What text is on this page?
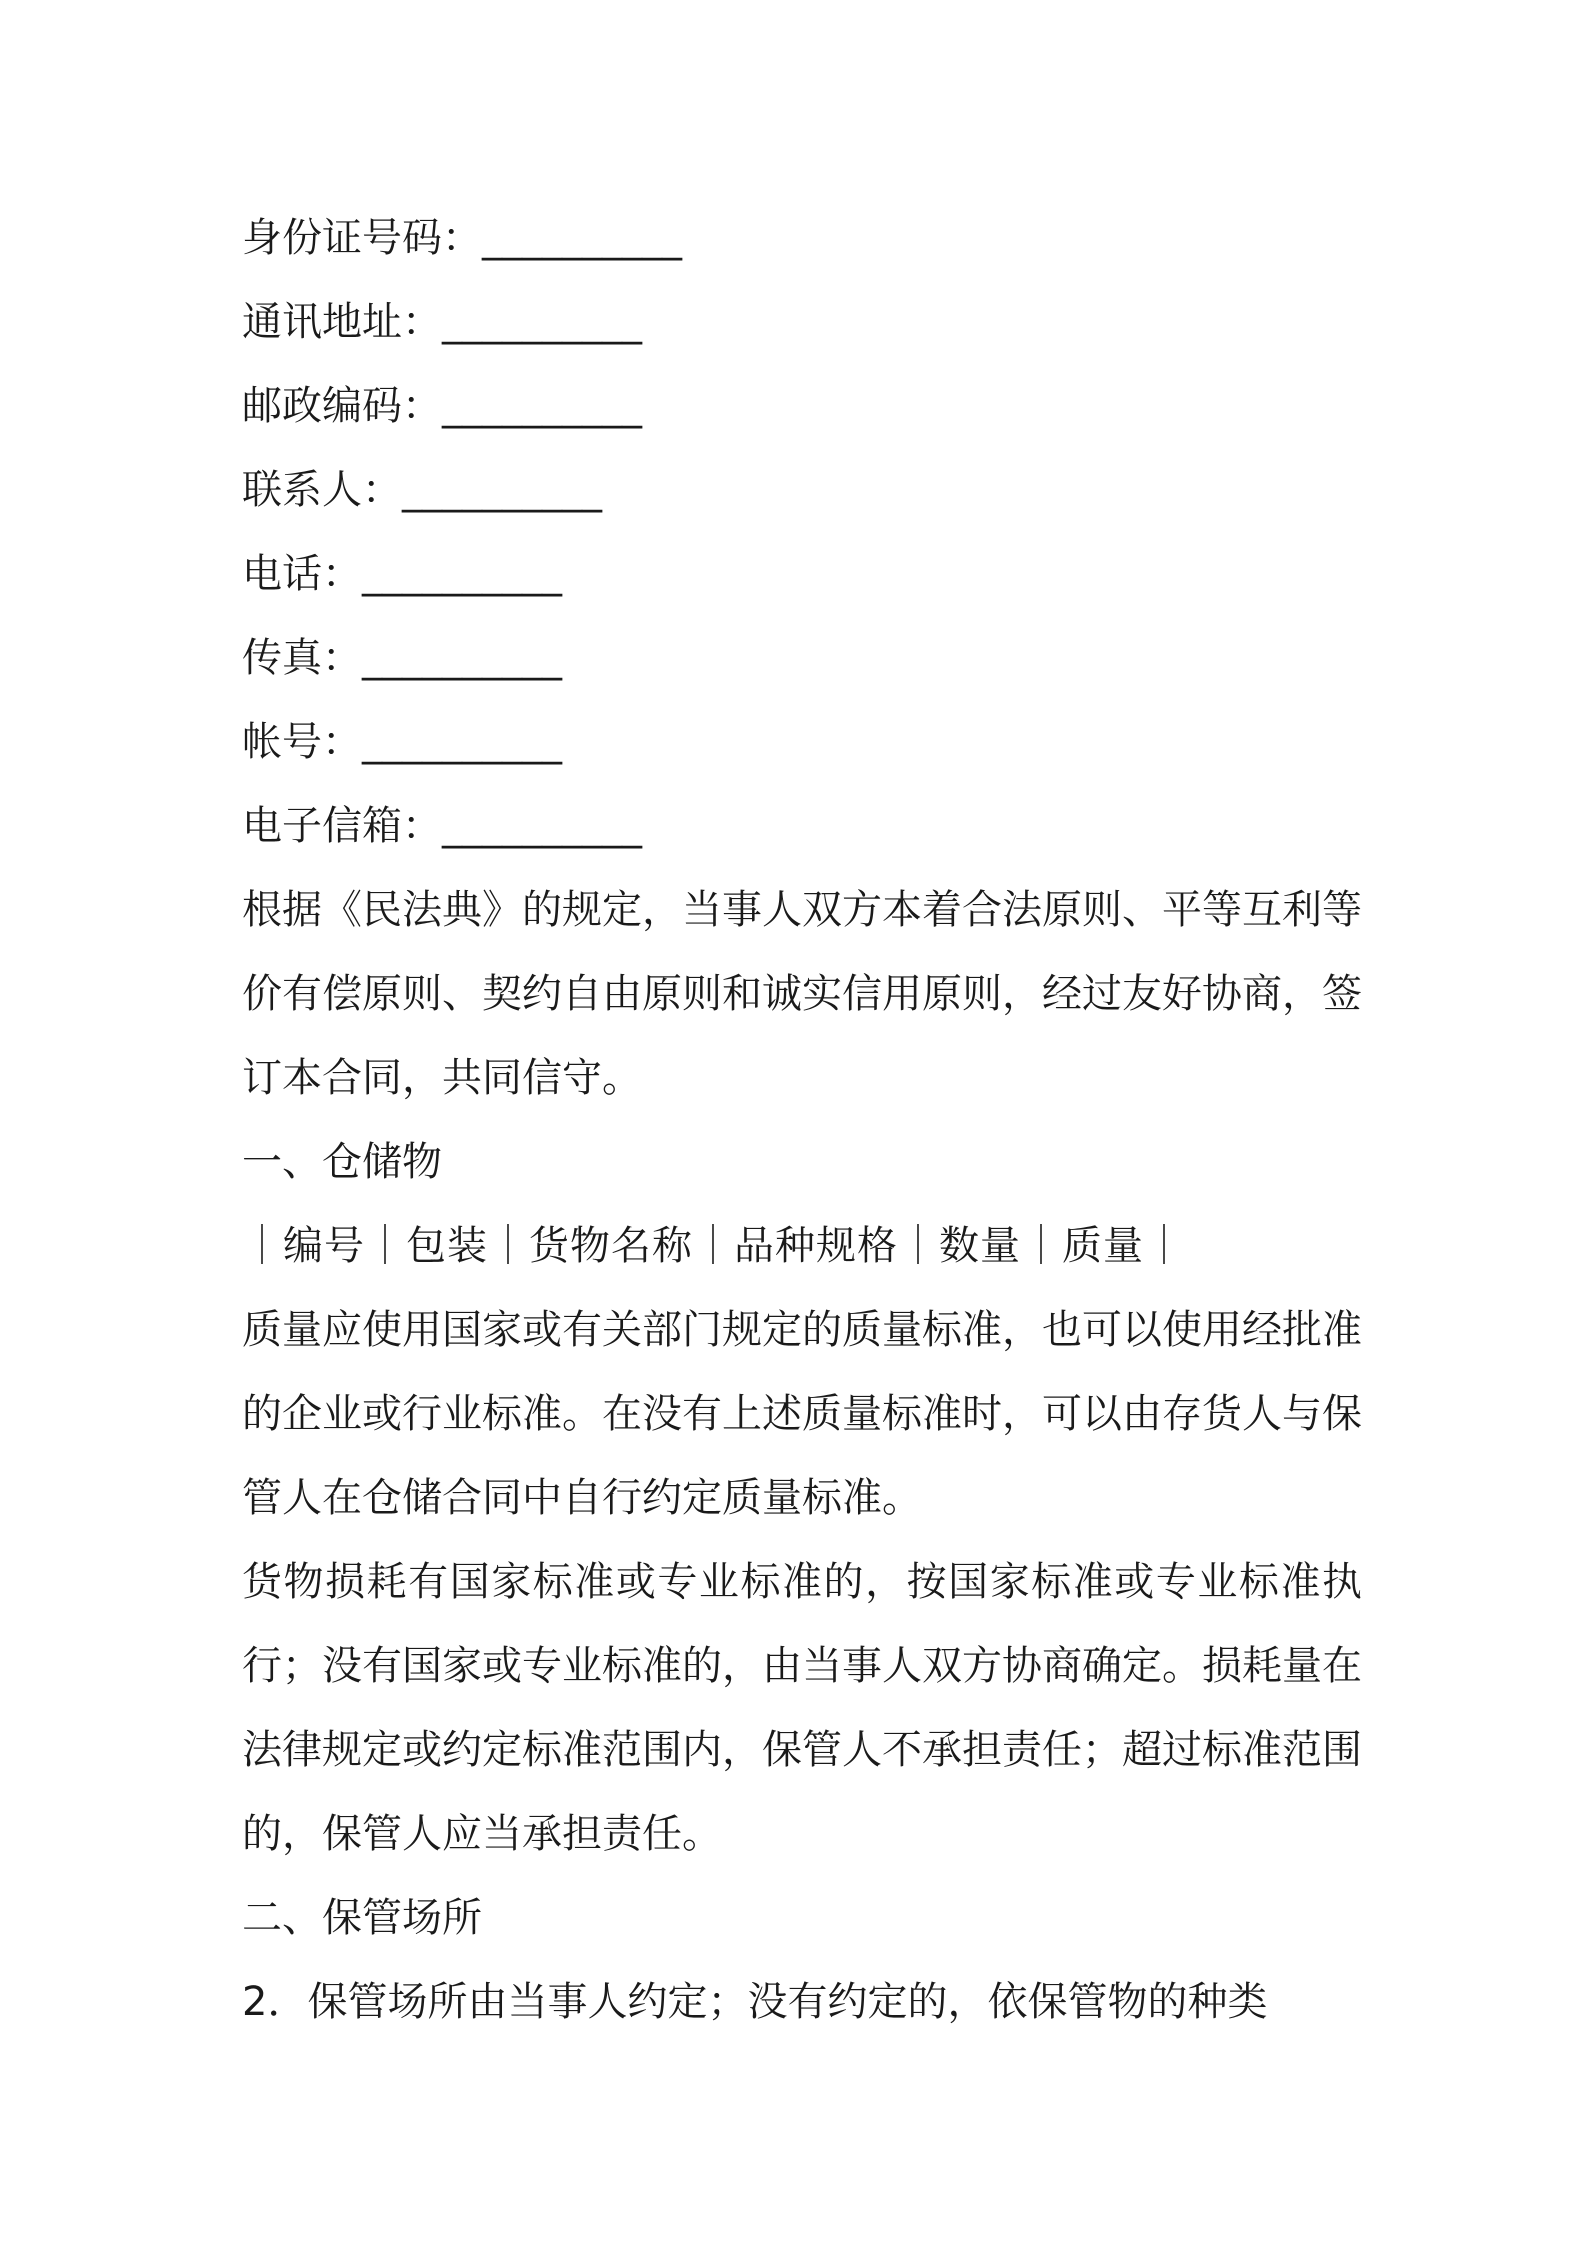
身份证号码：__________
通讯地址：__________
邮政编码：__________
联系人：__________
电话：__________
传真：__________
帐号：__________
电子信箱：__________
根据《民法典》的规定，当事人双方本着合法原则、平等互利等价有偿原则、契约自由原则和诚实信用原则，经过友好协商，签订本合同，共同信守。
一、仓储物
｜编号｜包装｜货物名称｜品种规格｜数量｜质量｜
质量应使用国家或有关部门规定的质量标准，也可以使用经批准的企业或行业标准。在没有上述质量标准时，可以由存货人与保管人在仓储合同中自行约定质量标准。
货物损耗有国家标准或专业标准的，按国家标准或专业标准执行；没有国家或专业标准的，由当事人双方协商确定。损耗量在法律规定或约定标准范围内，保管人不承担责任；超过标准范围的，保管人应当承担责任。
二、保管场所
2．保管场所由当事人约定；没有约定的，依保管物的种类
